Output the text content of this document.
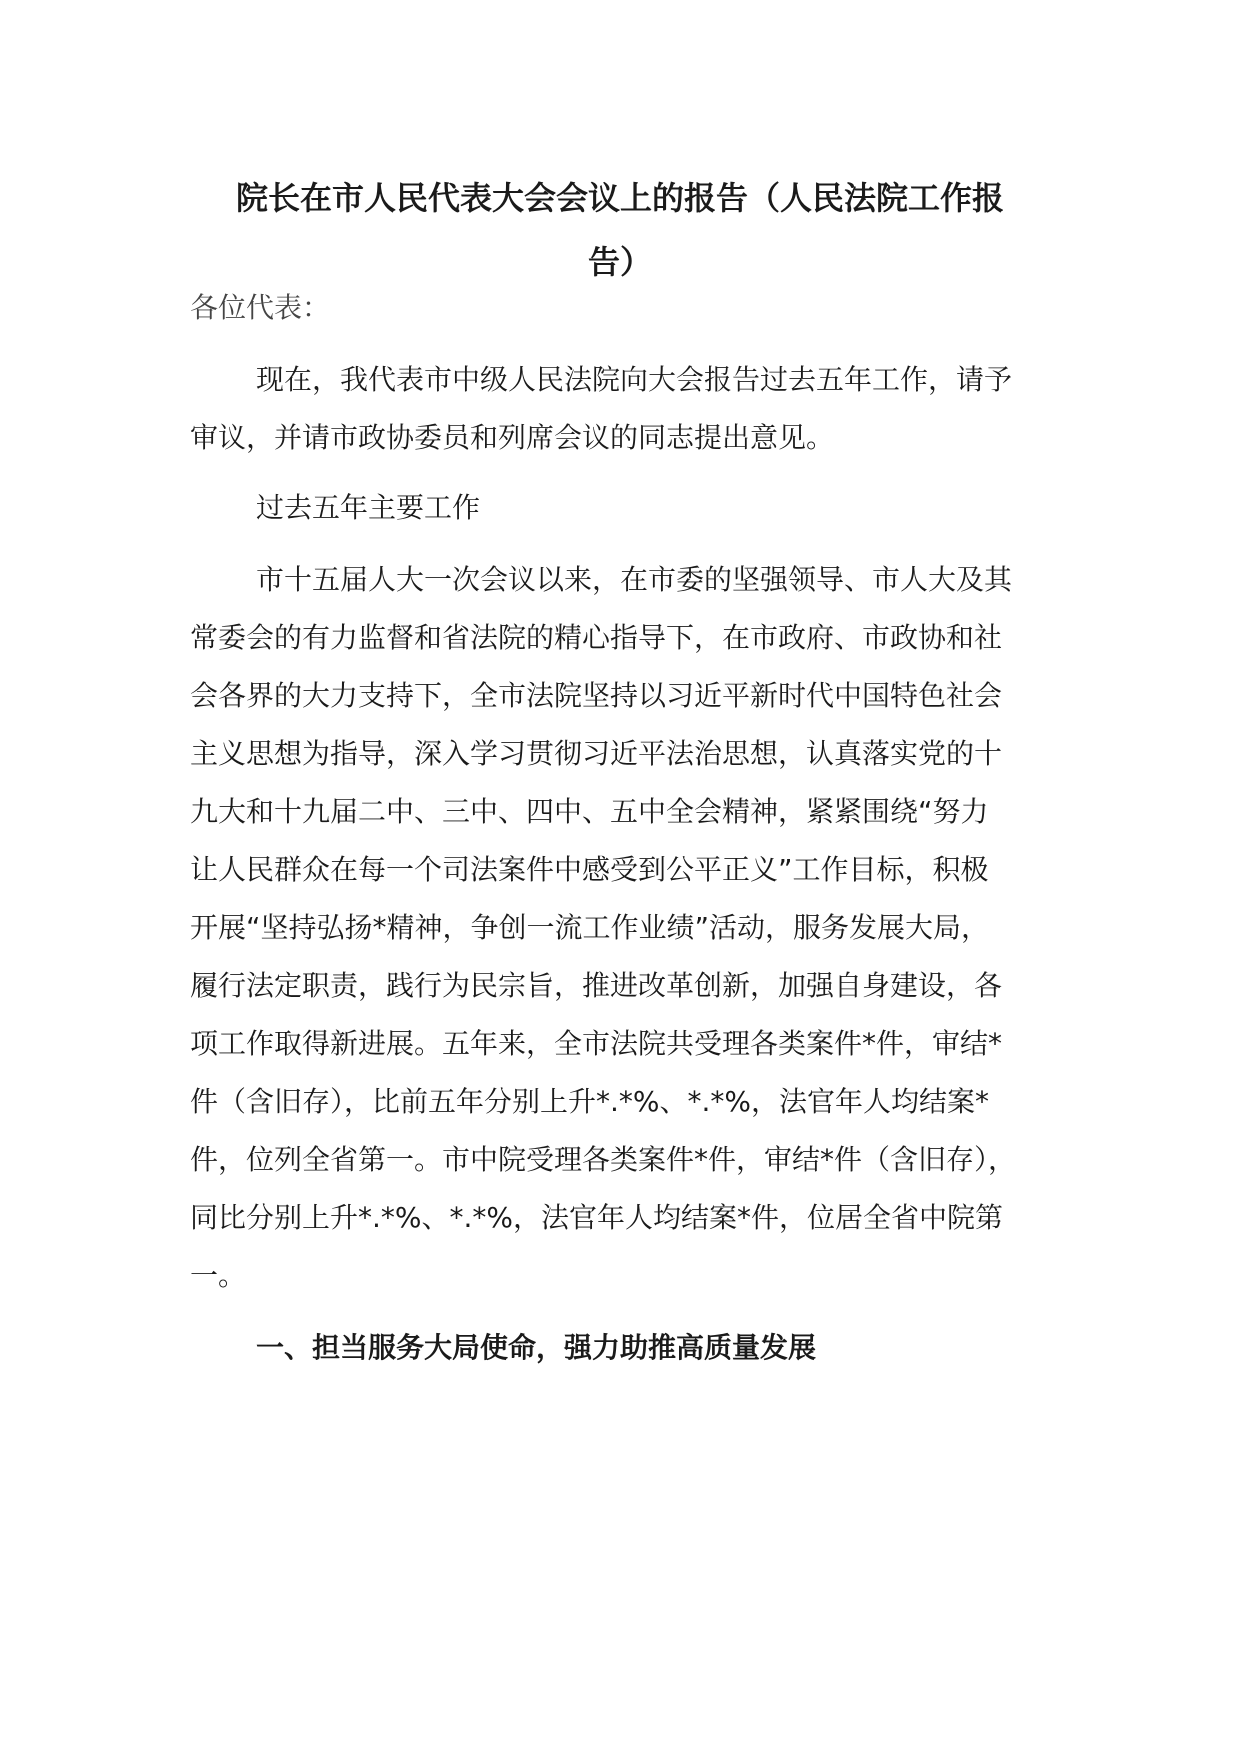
院长在市人民代表大会会议上的报告（人民法院工作报
告）
各位代表：
现在，我代表市中级人民法院向大会报告过去五年工作，请予
审议，并请市政协委员和列席会议的同志提出意见。
过去五年主要工作
市十五届人大一次会议以来，在市委的坚强领导、市人大及其
常委会的有力监督和省法院的精心指导下，在市政府、市政协和社
会各界的大力支持下，全市法院坚持以习近平新时代中国特色社会
主义思想为指导，深入学习贯彻习近平法治思想，认真落实党的十
九大和十九届二中、三中、四中、五中全会精神，紧紧围绕“努力
让人民群众在每一个司法案件中感受到公平正义”工作目标，积极
开展“坚持弘扬*精神，争创一流工作业绩”活动，服务发展大局，
履行法定职责，践行为民宗旨，推进改革创新，加强自身建设，各
项工作取得新进展。五年来，全市法院共受理各类案件*件，审结*
件（含旧存），比前五年分别上升*.*%、*.*%，法官年人均结案*
件，位列全省第一。市中院受理各类案件*件，审结*件（含旧存），
同比分别上升*.*%、*.*%，法官年人均结案*件，位居全省中院第
一。
一、担当服务大局使命，强力助推高质量发展
